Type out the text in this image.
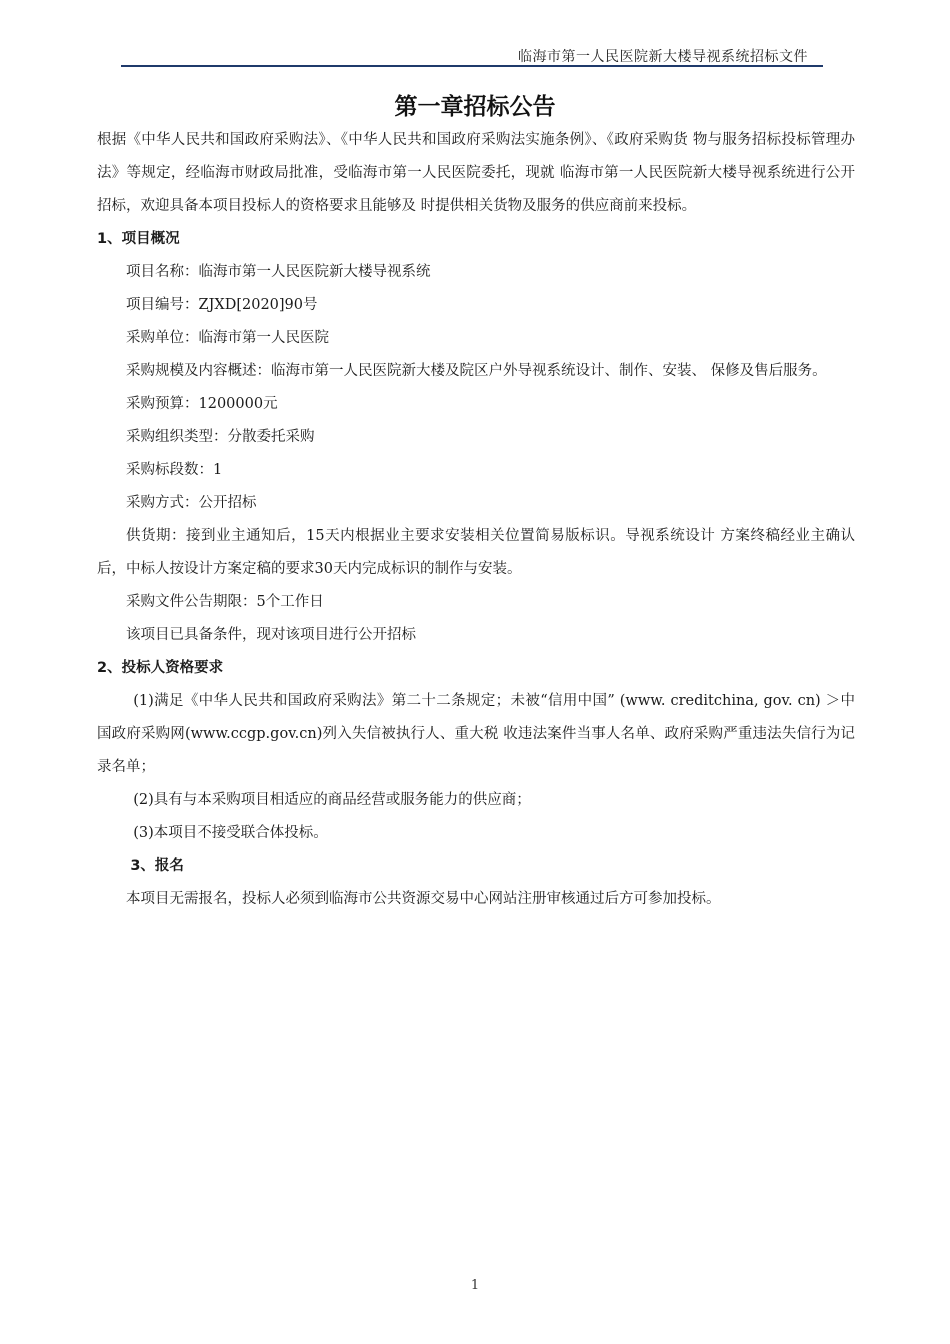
临海市第一人民医院新大楼导视系统招标文件
第一章招标公告

根据《中华人民共和国政府采购法》、《中华人民共和国政府采购法实施条例》、《政府采购货 物与服务招标投标管理办法》等规定，经临海市财政局批准，受临海市第一人民医院委托，现就 临海市第一人民医院新大楼导视系统进行公开招标，欢迎具备本项目投标人的资格要求且能够及 时提供相关货物及服务的供应商前来投标。

1、项目概况

项目名称：临海市第一人民医院新大楼导视系统

项目编号：ZJXD[2020]90号

采购单位：临海市第一人民医院

采购规模及内容概述：临海市第一人民医院新大楼及院区户外导视系统设计、制作、安装、 保修及售后服务。

采购预算：1200000元

采购组织类型：分散委托采购

采购标段数：1

采购方式：公开招标

供货期：接到业主通知后，15天内根据业主要求安装相关位置简易版标识。导视系统设计 方案终稿经业主确认后，中标人按设计方案定稿的要求30天内完成标识的制作与安装。

采购文件公告期限：5个工作日

该项目已具备条件，现对该项目进行公开招标

2、投标人资格要求

(1)满足《中华人民共和国政府采购法》第二十二条规定；未被“信用中国” (www. creditchina, gov. cn) ＞中国政府采购网(www.ccgp.gov.cn)列入失信被执行人、重大税 收违法案件当事人名单、政府采购严重违法失信行为记录名单；

(2)具有与本采购项目相适应的商品经营或服务能力的供应商；

(3)本项目不接受联合体投标。

3、报名

本项目无需报名，投标人必须到临海市公共资源交易中心网站注册审核通过后方可参加投标。

1
